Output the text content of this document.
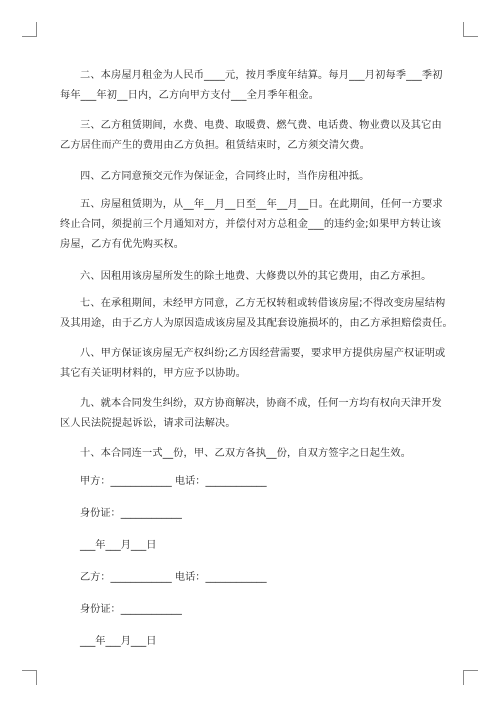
二、本房屋月租金为人民币____元，按月季度年结算。每月___月初每季___季初
每年___年初__日内，乙方向甲方支付___全月季年租金。
三、乙方租赁期间，水费、电费、取暖费、燃气费、电话费、物业费以及其它由
乙方居住而产生的费用由乙方负担。租赁结束时，乙方须交清欠费。
四、乙方同意预交元作为保证金，合同终止时，当作房租冲抵。
五、房屋租赁期为，从__年__月__日至__年__月__日。在此期间，任何一方要求
终止合同，须提前三个月通知对方，并偿付对方总租金___的违约金;如果甲方转让该
房屋，乙方有优先购买权。
六、因租用该房屋所发生的除土地费、大修费以外的其它费用，由乙方承担。
七、在承租期间，未经甲方同意，乙方无权转租或转借该房屋;不得改变房屋结构
及其用途，由于乙方人为原因造成该房屋及其配套设施损坏的，由乙方承担赔偿责任。
八、甲方保证该房屋无产权纠纷;乙方因经营需要，要求甲方提供房屋产权证明或
其它有关证明材料的，甲方应予以协助。
九、就本合同发生纠纷，双方协商解决，协商不成，任何一方均有权向天津开发
区人民法院提起诉讼，请求司法解决。
十、本合同连一式__份，甲、乙双方各执__份，自双方签字之日起生效。
甲方：____________ 电话：____________
身份证：____________
___年___月___日
乙方：____________ 电话：____________
身份证：____________
___年___月___日
